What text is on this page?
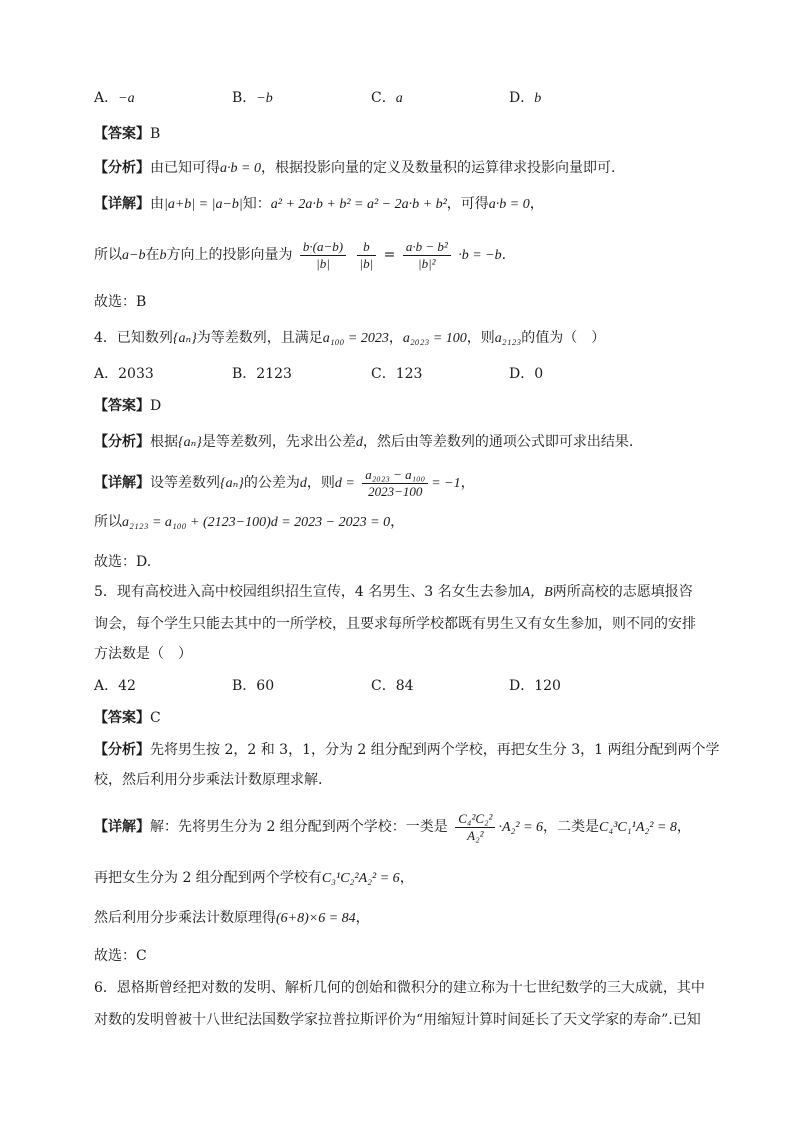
A．−a	B．−b	C．a	D．b
【答案】B
【分析】由已知可得a·b = 0，根据投影向量的定义及数量积的运算律求投影向量即可.
【详解】由|a+b| = |a−b|知：a² + 2a·b + b² = a² − 2a·b + b²，可得a·b = 0，
所以a−b在b方向上的投影向量为 $\frac{b\cdot(a-b)}{|b|}$
$\frac{b}{|b|} = \frac{\text{a·b − b²}}{\text{|b|²}} \cdot b = -b$.
故选：B
4．已知数列{aₙ}为等差数列，且满足a₁₀₀ = 2023，a₂₀₂₃ = 100，则a₂₁₂₃的值为（　）
A．2033	B．2123	C．123	D．0
【答案】D
【分析】根据{aₙ}是等差数列，先求出公差d，然后由等差数列的通项公式即可求出结果.
【详解】设等差数列{aₙ}的公差为d，则$d = \frac{\text{a₂₀₂₃ − a₁₀₀}}{2023-100} = -1$，
所以a₂₁₂₃ = a₁₀₀ + (2123−100)d = 2023 − 2023 = 0，
故选：D.
5．现有高校进入高中校园组织招生宣传，4 名男生、3 名女生去参加A，B两所高校的志愿填报咨
询会，每个学生只能去其中的一所学校，且要求每所学校都既有男生又有女生参加，则不同的安排
方法数是（　）
A．42	B．60	C．84	D．120
【答案】C
【分析】先将男生按 2，2 和 3，1，分为 2 组分配到两个学校，再把女生分 3，1 两组分配到两个学
校，然后利用分步乘法计数原理求解.
【详解】解：先将男生分为 2 组分配到两个学校：一类是 $\frac{\text{C₄²C₂²}}{\text{A₂²}} \cdot A_2^2 = 6$，二类是C₄³C₁¹A₂² = 8，
再把女生分为 2 组分配到两个学校有C₃¹C₂²A₂² = 6，
然后利用分步乘法计数原理得(6+8)×6 = 84，
故选：C
6．恩格斯曾经把对数的发明、解析几何的创始和微积分的建立称为十七世纪数学的三大成就，其中
对数的发明曾被十八世纪法国数学家拉普拉斯评价为“用缩短计算时间延长了天文学家的寿命”.已知
